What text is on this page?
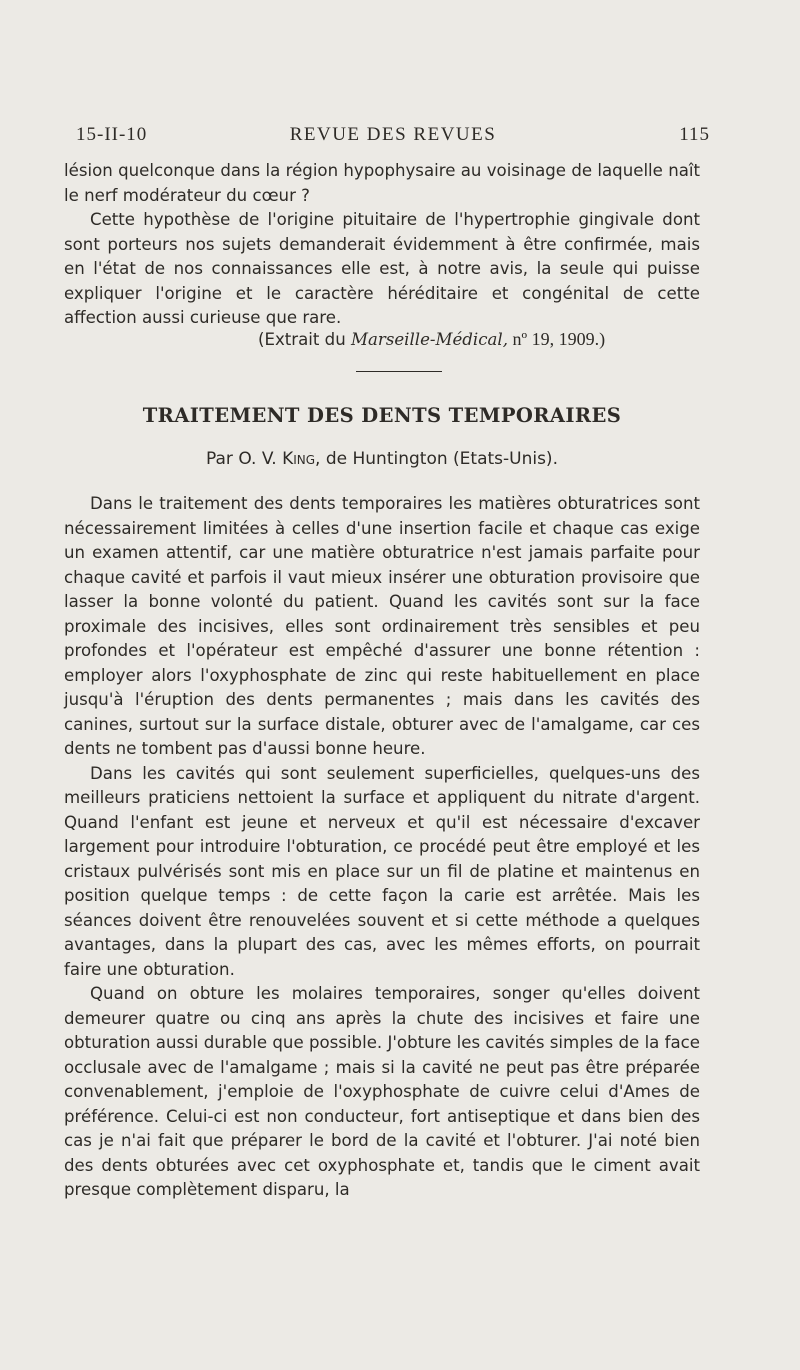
15-II-10	REVUE DES REVUES	115

lésion quelconque dans la région hypophysaire au voisinage de laquelle naît le nerf modérateur du cœur ?

Cette hypothèse de l'origine pituitaire de l'hypertrophie gingivale dont sont porteurs nos sujets demanderait évidemment à être confirmée, mais en l'état de nos connaissances elle est, à notre avis, la seule qui puisse expliquer l'origine et le caractère héréditaire et congénital de cette affection aussi curieuse que rare.

(Extrait du Marseille-Médical, nº 19, 1909.)
TRAITEMENT DES DENTS TEMPORAIRES
Par O. V. King, de Huntington (Etats-Unis).

Dans le traitement des dents temporaires les matières obturatrices sont nécessairement limitées à celles d'une insertion facile et chaque cas exige un examen attentif, car une matière obturatrice n'est jamais parfaite pour chaque cavité et parfois il vaut mieux insérer une obturation provisoire que lasser la bonne volonté du patient. Quand les cavités sont sur la face proximale des incisives, elles sont ordinairement très sensibles et peu profondes et l'opérateur est empêché d'assurer une bonne rétention : employer alors l'oxyphosphate de zinc qui reste habituellement en place jusqu'à l'éruption des dents permanentes ; mais dans les cavités des canines, surtout sur la surface distale, obturer avec de l'amalgame, car ces dents ne tombent pas d'aussi bonne heure.

Dans les cavités qui sont seulement superficielles, quelques-uns des meilleurs praticiens nettoient la surface et appliquent du nitrate d'argent. Quand l'enfant est jeune et nerveux et qu'il est nécessaire d'excaver largement pour introduire l'obturation, ce procédé peut être employé et les cristaux pulvérisés sont mis en place sur un fil de platine et maintenus en position quelque temps : de cette façon la carie est arrêtée. Mais les séances doivent être renouvelées souvent et si cette méthode a quelques avantages, dans la plupart des cas, avec les mêmes efforts, on pourrait faire une obturation.

Quand on obture les molaires temporaires, songer qu'elles doivent demeurer quatre ou cinq ans après la chute des incisives et faire une obturation aussi durable que possible. J'obture les cavités simples de la face occlusale avec de l'amalgame ; mais si la cavité ne peut pas être préparée convenablement, j'emploie de l'oxyphosphate de cuivre celui d'Ames de préférence. Celui-ci est non conducteur, fort antiseptique et dans bien des cas je n'ai fait que préparer le bord de la cavité et l'obturer. J'ai noté bien des dents obturées avec cet oxyphosphate et, tandis que le ciment avait presque complètement disparu, la
